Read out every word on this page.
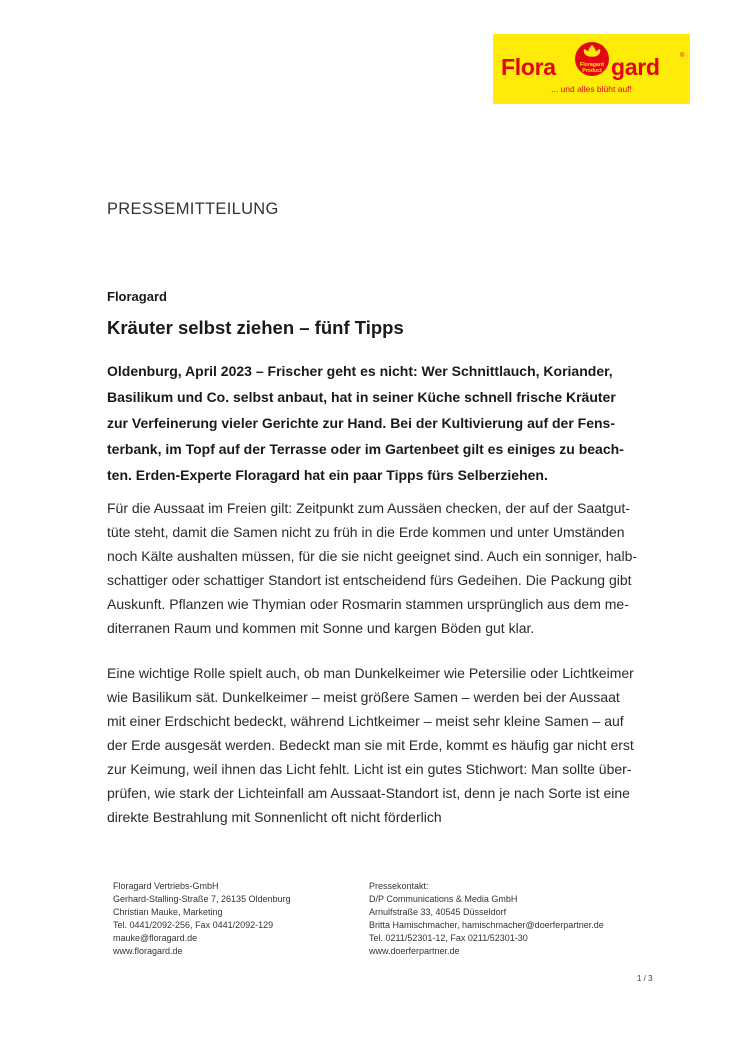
Flora	Floragard
Product gard	®
... und alles blüht auf!
PRESSEMITTEILUNG
Floragard
Kräuter selbst ziehen – fünf Tipps
Oldenburg, April 2023 – Frischer geht es nicht: Wer Schnittlauch, Koriander,
Basilikum und Co. selbst anbaut, hat in seiner Küche schnell frische Kräuter
zur Verfeinerung vieler Gerichte zur Hand. Bei der Kultivierung auf der Fens-
terbank, im Topf auf der Terrasse oder im Gartenbeet gilt es einiges zu beach-
ten. Erden-Experte Floragard hat ein paar Tipps fürs Selberziehen.
Für die Aussaat im Freien gilt: Zeitpunkt zum Aussäen checken, der auf der Saatgut-
tüte steht, damit die Samen nicht zu früh in die Erde kommen und unter Umständen
noch Kälte aushalten müssen, für die sie nicht geeignet sind. Auch ein sonniger, halb-
schattiger oder schattiger Standort ist entscheidend fürs Gedeihen. Die Packung gibt
Auskunft. Pflanzen wie Thymian oder Rosmarin stammen ursprünglich aus dem me-
diterranen Raum und kommen mit Sonne und kargen Böden gut klar.
Eine wichtige Rolle spielt auch, ob man Dunkelkeimer wie Petersilie oder Lichtkeimer
wie Basilikum sät. Dunkelkeimer – meist größere Samen – werden bei der Aussaat
mit einer Erdschicht bedeckt, während Lichtkeimer – meist sehr kleine Samen – auf
der Erde ausgesät werden. Bedeckt man sie mit Erde, kommt es häufig gar nicht erst
zur Keimung, weil ihnen das Licht fehlt. Licht ist ein gutes Stichwort: Man sollte über-
prüfen, wie stark der Lichteinfall am Aussaat-Standort ist, denn je nach Sorte ist eine
direkte Bestrahlung mit Sonnenlicht oft nicht förderlich
Floragard Vertriebs-GmbH
Gerhard-Stalling-Straße 7, 26135 Oldenburg
Christian Mauke, Marketing
Tel. 0441/2092-256, Fax 0441/2092-129
mauke@floragard.de
www.floragard.de
Pressekontakt:
D/P Communications & Media GmbH
Arnulfstraße 33, 40545 Düsseldorf
Britta Hamischmacher, hamischmacher@doerferpartner.de
Tel. 0211/52301-12, Fax 0211/52301-30
www.doerferpartner.de
1 / 3
